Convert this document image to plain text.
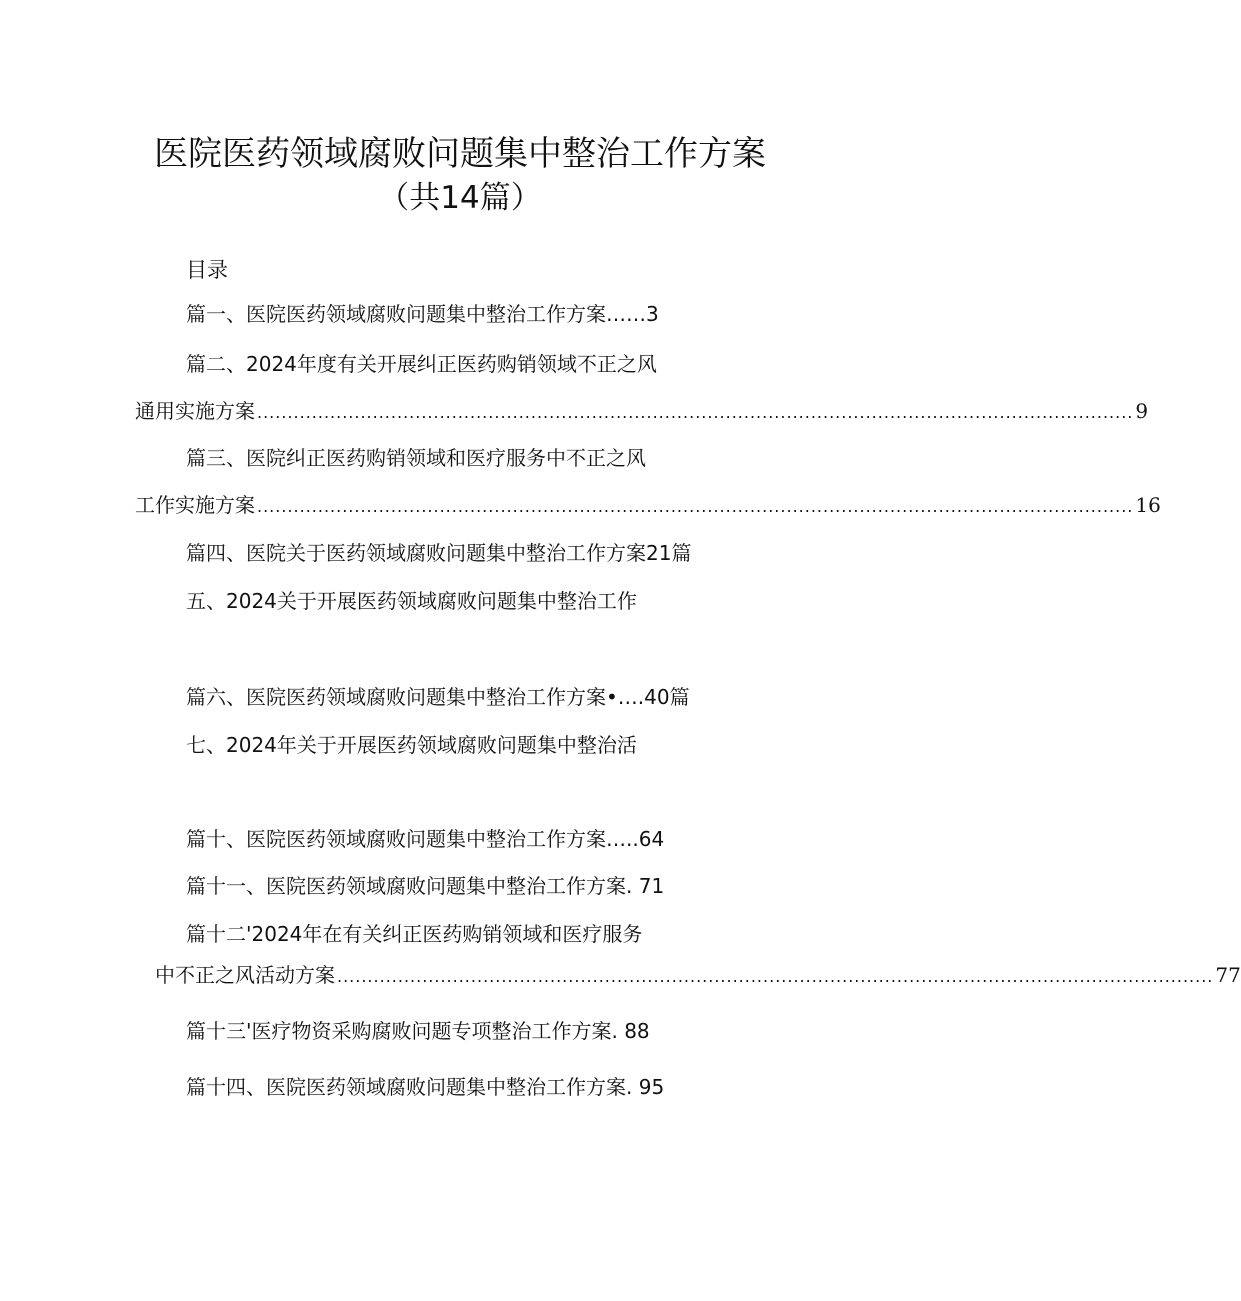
医院医药领域腐败问题集中整治工作方案
（共14篇）
目录
篇一、医院医药领域腐败问题集中整治工作方案……3
篇二、2024年度有关开展纠正医药购销领域不正之风
通用实施方案 ................................................................................................................................................ 9
篇三、医院纠正医药购销领域和医疗服务中不正之风
工作实施方案 ................................................................................................................................................ 16
篇四、医院关于医药领域腐败问题集中整治工作方案21篇
五、2024关于开展医药领域腐败问题集中整治工作
篇六、医院医药领域腐败问题集中整治工作方案•….40篇
七、2024年关于开展医药领域腐败问题集中整治活
篇十、医院医药领域腐败问题集中整治工作方案…..64
篇十一、医院医药领域腐败问题集中整治工作方案. 71
篇十二'2024年在有关纠正医药购销领域和医疗服务
中不正之风活动方案 ................................................................................................................................................ 77
篇十三'医疗物资采购腐败问题专项整治工作方案. 88
篇十四、医院医药领域腐败问题集中整治工作方案. 95
